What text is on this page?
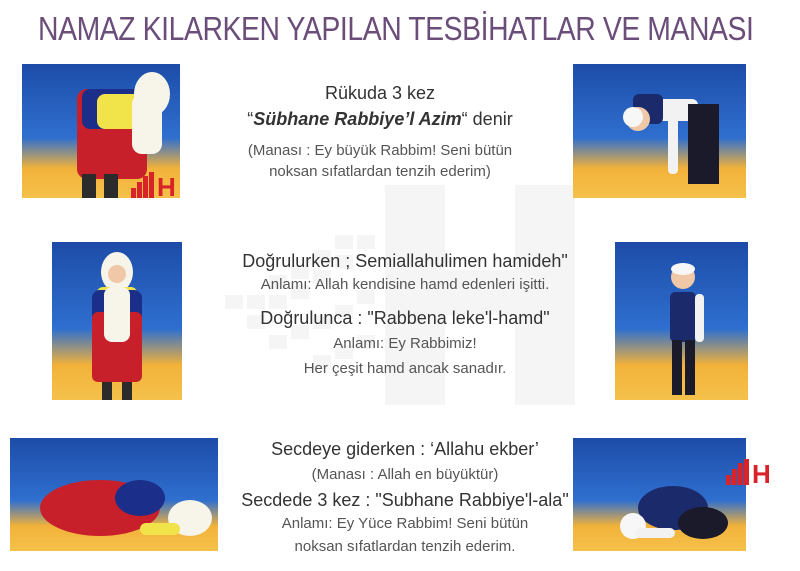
NAMAZ KILARKEN YAPILAN TESBİHATLAR VE MANASI
Rükuda 3 kez
“Sübhane Rabbiye’l Azim“ denir
(Manası : Ey büyük Rabbim! Seni bütün
noksan sıfatlardan tenzih ederim)
H
Doğrulurken ; Semiallahulimen hamideh"
Anlamı: Allah kendisine hamd edenleri işitti.
Doğrulunca : "Rabbena leke'l-hamd"
Anlamı: Ey Rabbimiz!
Her çeşit hamd ancak sanadır.
H
Secdeye giderken : ‘Allahu ekber’
(Manası : Allah en büyüktür)
Secdede 3 kez : "Subhane Rabbiye'l-ala"
Anlamı: Ey Yüce Rabbim! Seni bütün
noksan sıfatlardan tenzih ederim.
